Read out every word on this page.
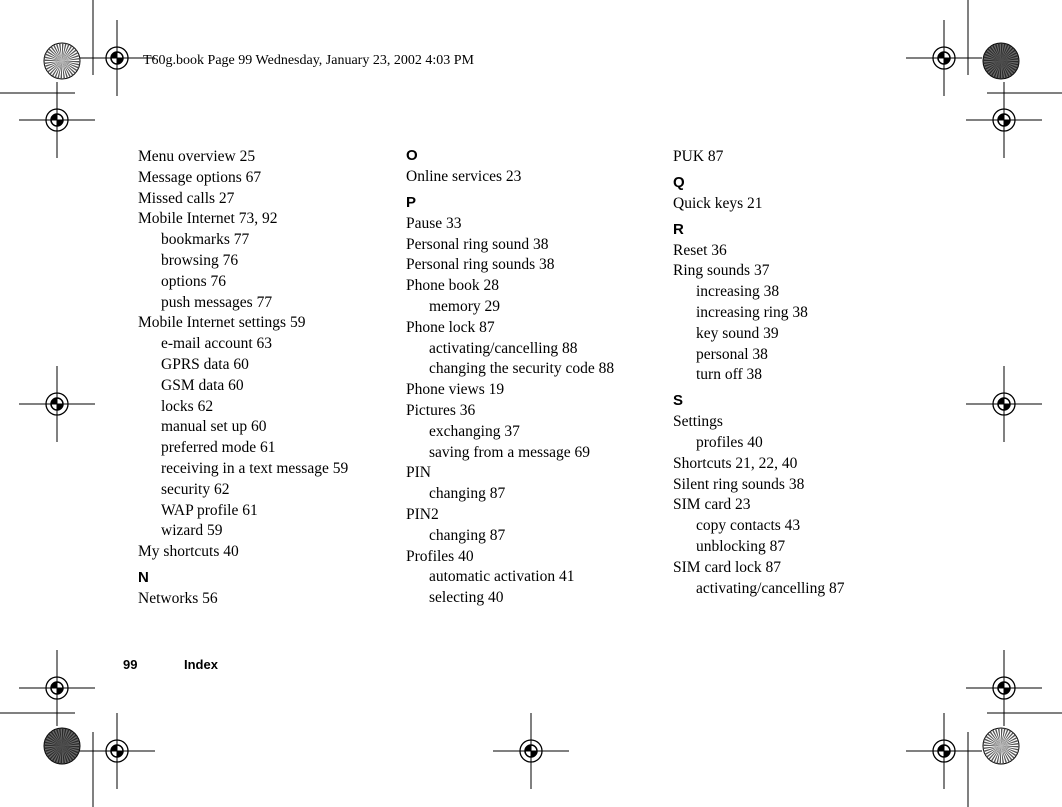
T60g.book Page 99 Wednesday, January 23, 2002 4:03 PM
Menu overview 25
Message options 67
Missed calls 27
Mobile Internet 73, 92
bookmarks 77
browsing 76
options 76
push messages 77
Mobile Internet settings 59
e-mail account 63
GPRS data 60
GSM data 60
locks 62
manual set up 60
preferred mode 61
receiving in a text message 59
security 62
WAP profile 61
wizard 59
My shortcuts 40
N
Networks 56
O
Online services 23
P
Pause 33
Personal ring sound 38
Personal ring sounds 38
Phone book 28
memory 29
Phone lock 87
activating/cancelling 88
changing the security code 88
Phone views 19
Pictures 36
exchanging 37
saving from a message 69
PIN
changing 87
PIN2
changing 87
Profiles 40
automatic activation 41
selecting 40
PUK 87
Q
Quick keys 21
R
Reset 36
Ring sounds 37
increasing 38
increasing ring 38
key sound 39
personal 38
turn off 38
S
Settings
profiles 40
Shortcuts 21, 22, 40
Silent ring sounds 38
SIM card 23
copy contacts 43
unblocking 87
SIM card lock 87
activating/cancelling 87
99	Index
